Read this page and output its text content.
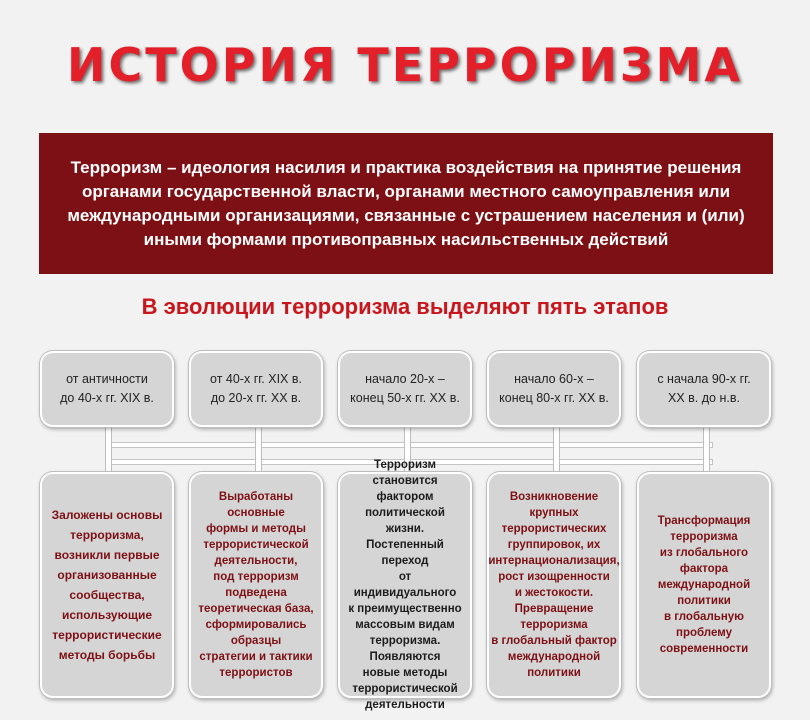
ИСТОРИЯ ТЕРРОРИЗМА
Терроризм – идеология насилия и практика воздействия на принятие решения органами государственной власти, органами местного самоуправления или международными организациями, связанные с устрашением населения и (или) иными формами противоправных насильственных действий
В эволюции терроризма выделяют пять этапов
от античности
до 40-х гг. XIX в.
от 40-х гг. XIX в.
до 20-х гг. XX в.
начало 20-х –
конец 50-х гг. XX в.
начало 60-х –
конец 80-х гг. XX в.
с начала 90-х гг.
XX в. до н.в.
Заложены основы
терроризма,
возникли первые
организованные
сообщества,
использующие
террористические
методы борьбы
Выработаны
основные
формы и методы
террористической
деятельности,
под терроризм
подведена
теоретическая база,
сформировались
образцы
стратегии и тактики
террористов
Терроризм
становится фактором
политической жизни.
Постепенный переход
от индивидуального
к преимущественно
массовым видам
терроризма.
Появляются
новые методы
террористической
деятельности
Возникновение
крупных
террористических
группировок, их
интернационализация,
рост изощренности
и жестокости.
Превращение
терроризма
в глобальный фактор
международной
политики
Трансформация
терроризма
из глобального
фактора
международной
политики
в глобальную
проблему
современности
